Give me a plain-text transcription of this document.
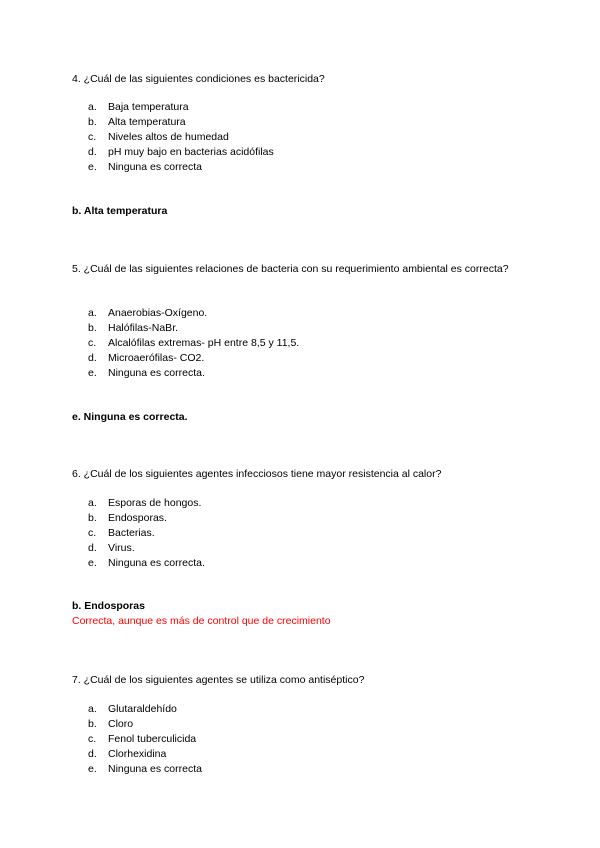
4. ¿Cuál de las siguientes condiciones es bactericida?
a. Baja temperatura
b. Alta temperatura
c. Niveles altos de humedad
d. pH muy bajo en bacterias acidófilas
e. Ninguna es correcta
b. Alta temperatura
5. ¿Cuál de las siguientes relaciones de bacteria con su requerimiento ambiental es correcta?
a. Anaerobias-Oxígeno.
b. Halófilas-NaBr.
c. Alcalófilas extremas- pH entre 8,5 y 11,5.
d. Microaerófilas- CO2.
e. Ninguna es correcta.
e. Ninguna es correcta.
6. ¿Cuál de los siguientes agentes infecciosos tiene mayor resistencia al calor?
a. Esporas de hongos.
b. Endosporas.
c. Bacterias.
d. Virus.
e. Ninguna es correcta.
b. Endosporas
Correcta, aunque es más de control que de crecimiento
7. ¿Cuál de los siguientes agentes se utiliza como antiséptico?
a. Glutaraldehído
b. Cloro
c. Fenol tuberculicida
d. Clorhexidina
e. Ninguna es correcta
